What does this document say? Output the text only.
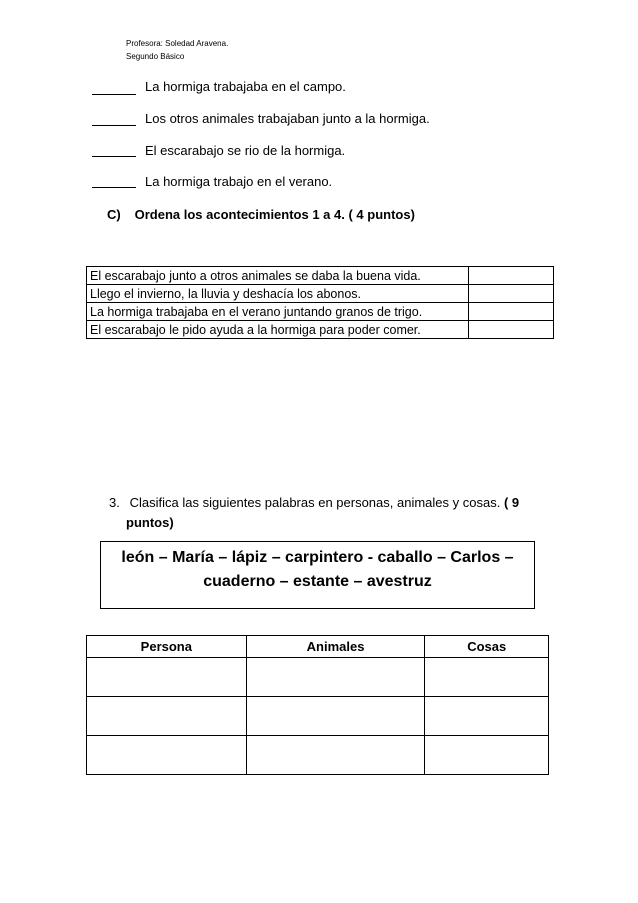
Profesora: Soledad Aravena.
Segundo Básico
La hormiga trabajaba en el campo.
Los otros animales trabajaban junto a la hormiga.
El escarabajo se rio de la hormiga.
La hormiga trabajo en el verano.
C) Ordena los acontecimientos 1 a 4. ( 4 puntos)
El escarabajo junto a otros animales se daba la buena vida.	
Llego el invierno, la lluvia y deshacía los abonos.	
La hormiga trabajaba en el verano juntando granos de trigo.	
El escarabajo le pido ayuda a la hormiga para poder comer.	
3. Clasifica las siguientes palabras en personas, animales y cosas. ( 9
puntos)
león – María – lápiz – carpintero - caballo – Carlos –
cuaderno – estante – avestruz
Persona	Animales	Cosas
